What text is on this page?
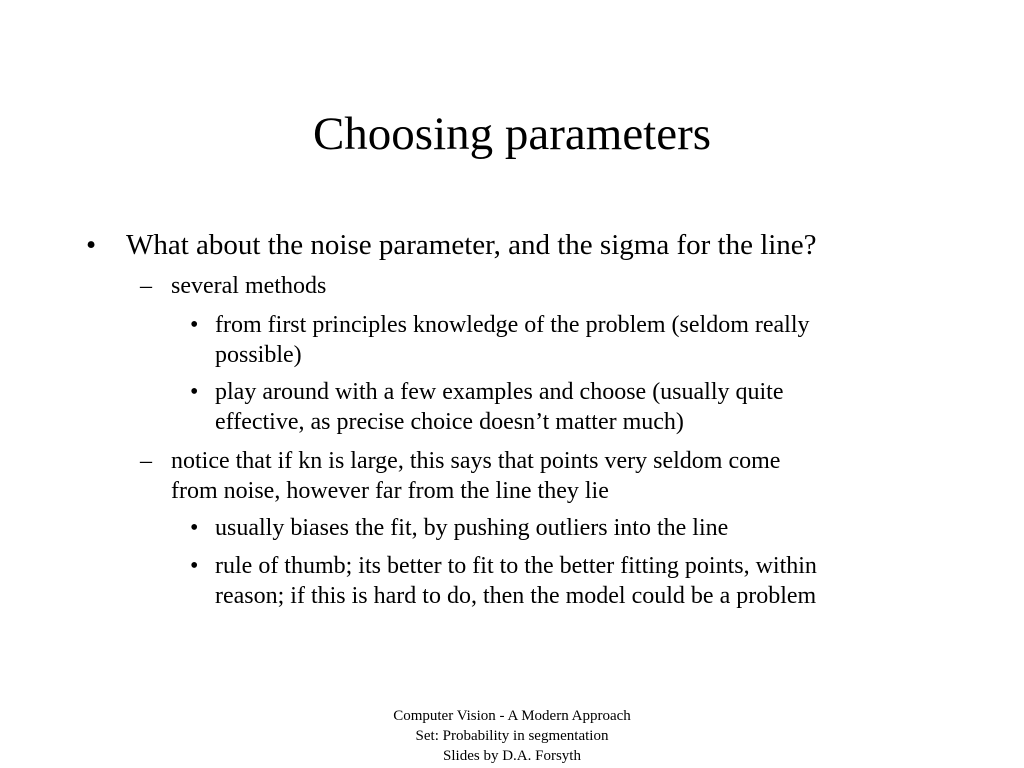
Choosing parameters
• What about the noise parameter, and the sigma for the line?
– several methods
• from first principles knowledge of the problem (seldom really
possible)
• play around with a few examples and choose (usually quite
effective, as precise choice doesn’t matter much)
– notice that if kn is large, this says that points very seldom come
from noise, however far from the line they lie
• usually biases the fit, by pushing outliers into the line
• rule of thumb; its better to fit to the better fitting points, within
reason; if this is hard to do, then the model could be a problem
Computer Vision - A Modern Approach
Set: Probability in segmentation
Slides by D.A. Forsyth
